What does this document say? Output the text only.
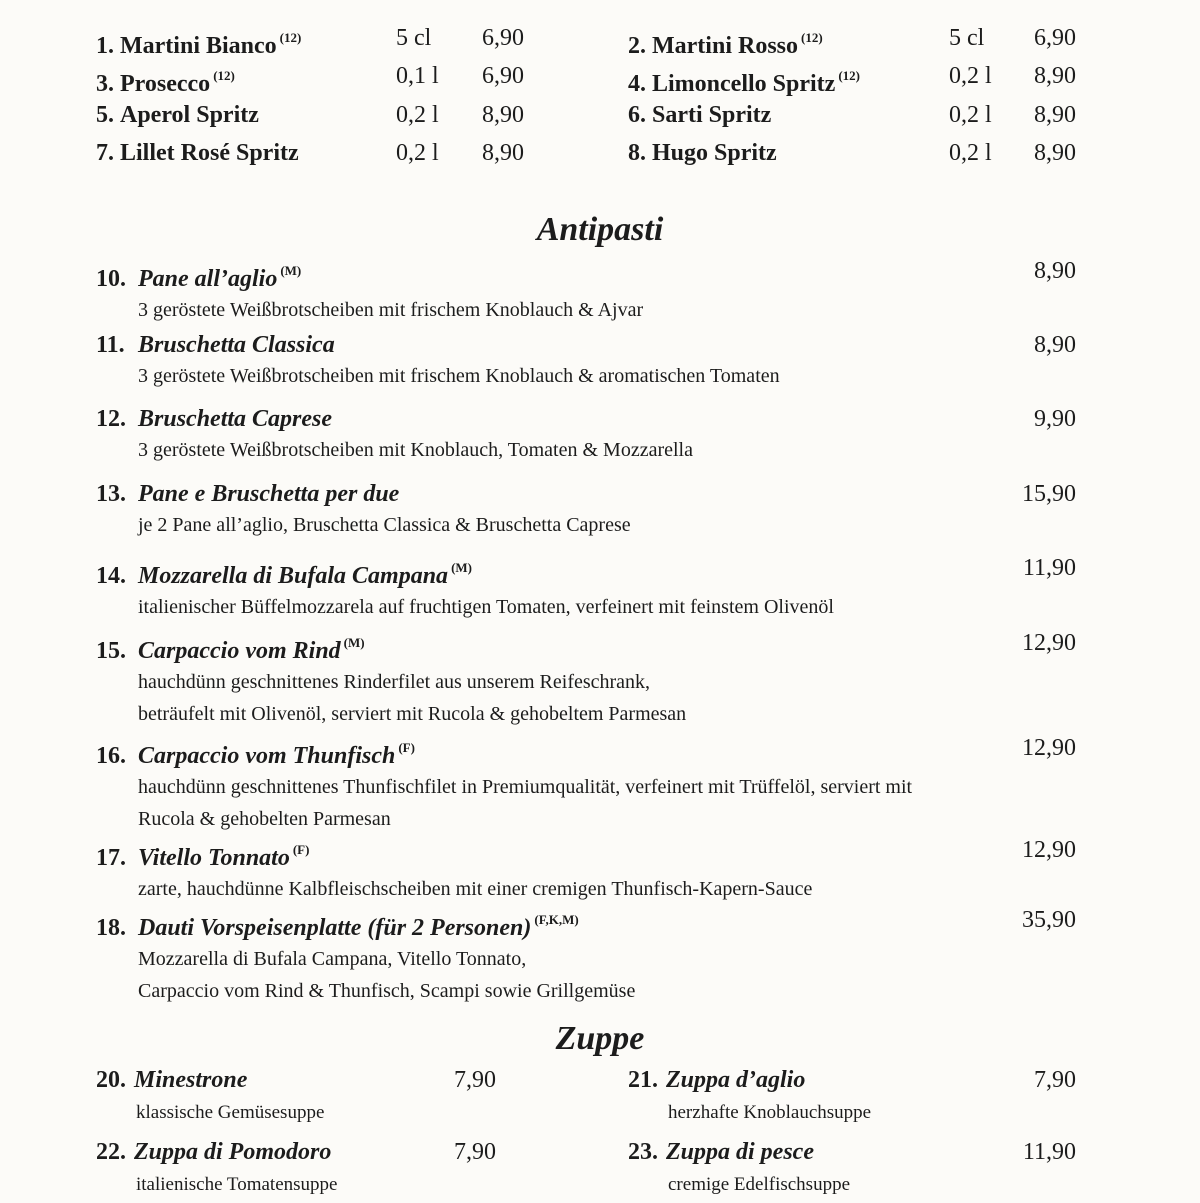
1. Martini Bianco $^{(12)}$	5 cl 6,90
3. Prosecco $^{(12)}$	0,1 l 6,90
5. Aperol Spritz	0,2 l 8,90
7. Lillet Rosé Spritz	0,2 l 8,90
2. Martini Rosso $^{(12)}$	5 cl 6,90
4. Limoncello Spritz $^{(12)}$	0,2 l 8,90
6. Sarti Spritz	0,2 l 8,90
8. Hugo Spritz	0,2 l 8,90
Antipasti
10. Pane all’aglio $^{(M)}$	8,90
3 geröstete Weißbrotscheiben mit frischem Knoblauch & Ajvar
11. Bruschetta Classica	8,90
3 geröstete Weißbrotscheiben mit frischem Knoblauch & aromatischen Tomaten
12. Bruschetta Caprese	9,90
3 geröstete Weißbrotscheiben mit Knoblauch, Tomaten & Mozzarella
13. Pane e Bruschetta per due	15,90
je 2 Pane all’aglio, Bruschetta Classica & Bruschetta Caprese
14. Mozzarella di Bufala Campana $^{(M)}$	11,90
italienischer Büffelmozzarela auf fruchtigen Tomaten, verfeinert mit feinstem Olivenöl
15. Carpaccio vom Rind $^{(M)}$	12,90
hauchdünn geschnittenes Rinderfilet aus unserem Reifeschrank,
beträufelt mit Olivenöl, serviert mit Rucola & gehobeltem Parmesan
16. Carpaccio vom Thunfisch $^{(F)}$	12,90
hauchdünn geschnittenes Thunfischfilet in Premiumqualität, verfeinert mit Trüffelöl, serviert mit
Rucola & gehobelten Parmesan
17. Vitello Tonnato $^{(F)}$	12,90
zarte, hauchdünne Kalbfleischscheiben mit einer cremigen Thunfisch-Kapern-Sauce
18. Dauti Vorspeisenplatte (für 2 Personen) $^{(F,K,M)}$	35,90
Mozzarella di Bufala Campana, Vitello Tonnato,
Carpaccio vom Rind & Thunfisch, Scampi sowie Grillgemüse
Zuppe
20. Minestrone	7,90
klassische Gemüsesuppe
22. Zuppa di Pomodoro	7,90
italienische Tomatensuppe
21. Zuppa d’aglio	7,90
herzhafte Knoblauchsuppe
23. Zuppa di pesce	11,90
cremige Edelfischsuppe
